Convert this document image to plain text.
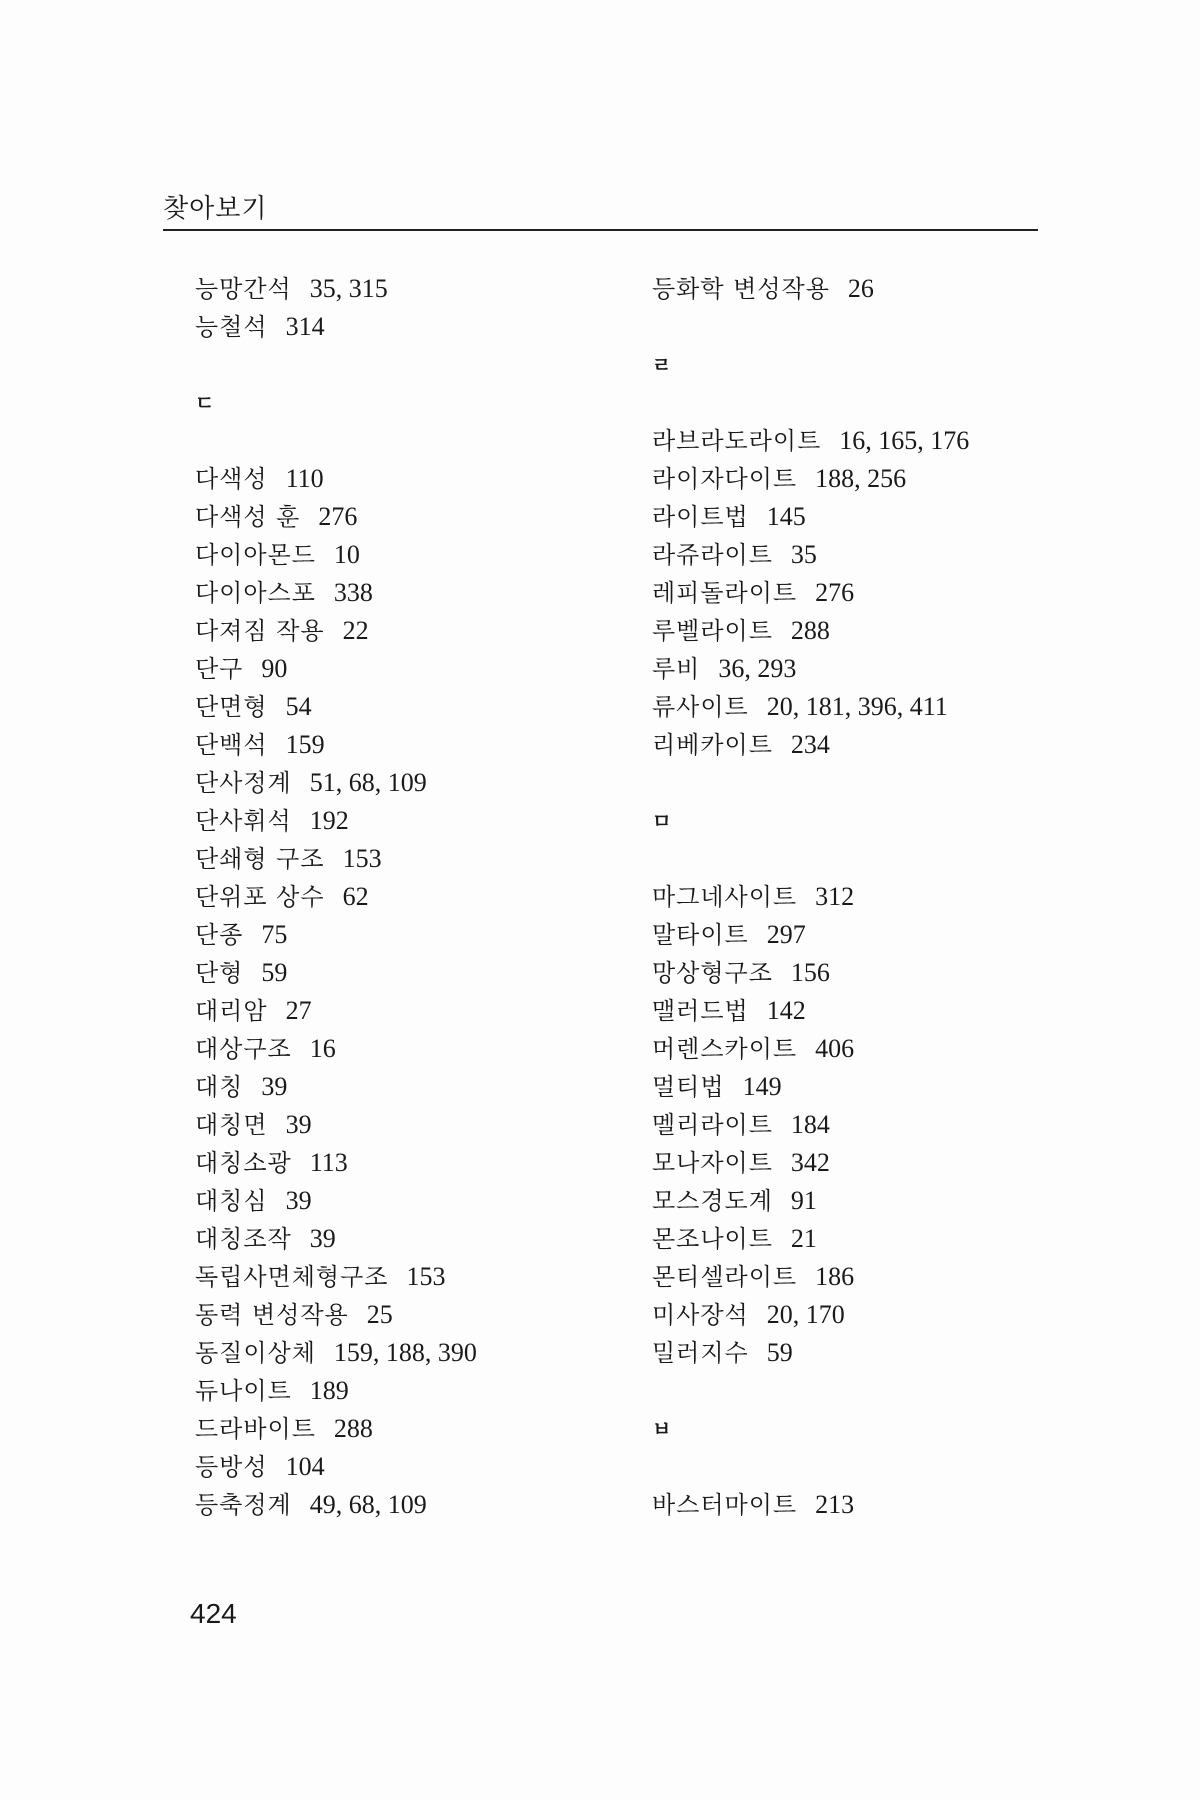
찾아보기
능망간석 35, 315
능철석 314
ㄷ
다색성 110
다색성 훈 276
다이아몬드 10
다이아스포 338
다져짐 작용 22
단구 90
단면형 54
단백석 159
단사정계 51, 68, 109
단사휘석 192
단쇄형 구조 153
단위포 상수 62
단종 75
단형 59
대리암 27
대상구조 16
대칭 39
대칭면 39
대칭소광 113
대칭심 39
대칭조작 39
독립사면체형구조 153
동력 변성작용 25
동질이상체 159, 188, 390
듀나이트 189
드라바이트 288
등방성 104
등축정계 49, 68, 109
등화학 변성작용 26
ㄹ
라브라도라이트 16, 165, 176
라이자다이트 188, 256
라이트법 145
라쥬라이트 35
레피돌라이트 276
루벨라이트 288
루비 36, 293
류사이트 20, 181, 396, 411
리베카이트 234
ㅁ
마그네사이트 312
말타이트 297
망상형구조 156
맬러드법 142
머렌스카이트 406
멀티법 149
멜리라이트 184
모나자이트 342
모스경도계 91
몬조나이트 21
몬티셀라이트 186
미사장석 20, 170
밀러지수 59
ㅂ
바스터마이트 213
424
